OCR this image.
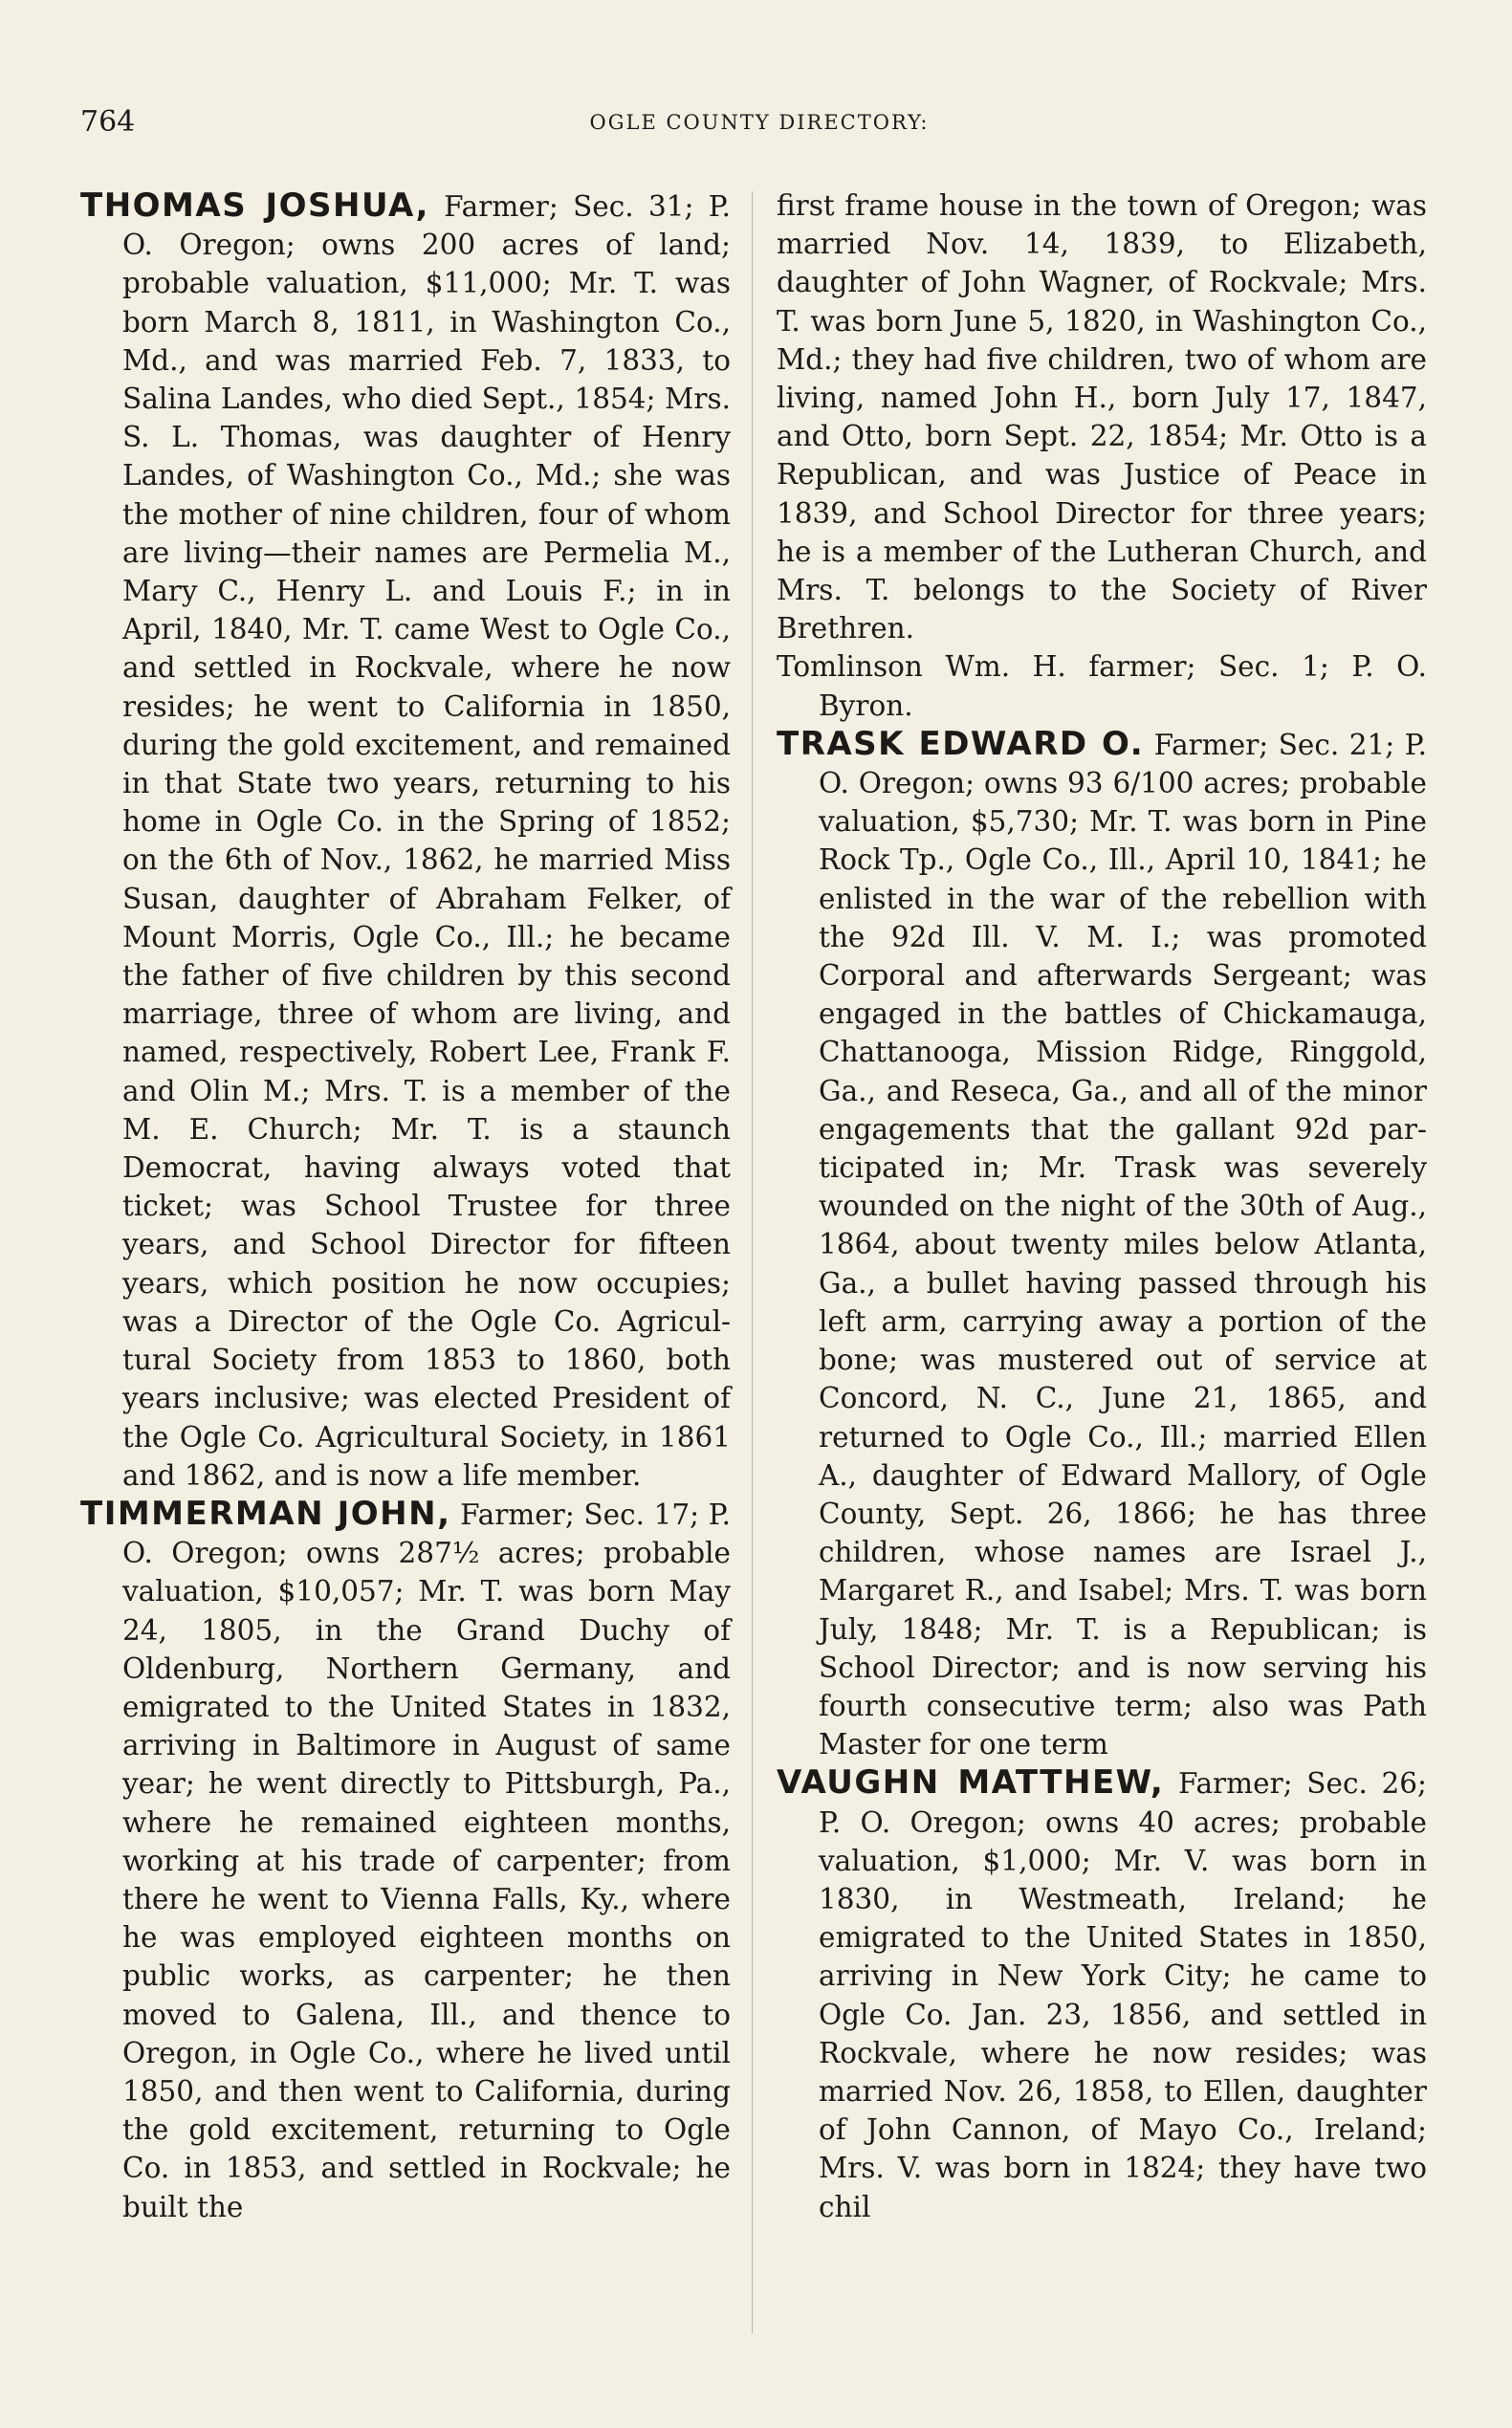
764	OGLE COUNTY DIRECTORY:

THOMAS JOSHUA, Farmer; Sec. 31; P. O. Oregon; owns 200 acres of land; probable valuation, $11,000; Mr. T. was born March 8, 1811, in Washington Co., Md., and was married Feb. 7, 1833, to Salina Landes, who died Sept., 1854; Mrs. S. L. Thomas, was daughter of Henry Landes, of Washington Co., Md.; she was the mother of nine children, four of whom are living—their names are Permelia M., Mary C., Henry L. and Louis F.; in in April, 1840, Mr. T. came West to Ogle Co., and settled in Rockvale, where he now resides; he went to California in 1850, during the gold excitement, and remained in that State two years, returning to his home in Ogle Co. in the Spring of 1852; on the 6th of Nov., 1862, he married Miss Susan, daughter of Abraham Felker, of Mount Morris, Ogle Co., Ill.; he became the father of five children by this second marriage, three of whom are living, and named, respectively, Robert Lee, Frank F. and Olin M.; Mrs. T. is a member of the M. E. Church; Mr. T. is a staunch Democrat, having always voted that ticket; was School Trustee for three years, and School Director for fifteen years, which position he now occupies; was a Director of the Ogle Co. Agricultural Society from 1853 to 1860, both years inclusive; was elected President of the Ogle Co. Agricultural Society, in 1861 and 1862, and is now a life member.

TIMMERMAN JOHN, Farmer; Sec. 17; P. O. Oregon; owns 287½ acres; probable valuation, $10,057; Mr. T. was born May 24, 1805, in the Grand Duchy of Oldenburg, Northern Germany, and emigrated to the United States in 1832, arriving in Baltimore in August of same year; he went directly to Pittsburgh, Pa., where he remained eighteen months, working at his trade of carpenter; from there he went to Vienna Falls, Ky., where he was employed eighteen months on public works, as carpenter; he then moved to Galena, Ill., and thence to Oregon, in Ogle Co., where he lived until 1850, and then went to California, during the gold excitement, returning to Ogle Co. in 1853, and settled in Rockvale; he built the

first frame house in the town of Oregon; was married Nov. 14, 1839, to Elizabeth, daughter of John Wagner, of Rockvale; Mrs. T. was born June 5, 1820, in Washington Co., Md.; they had five children, two of whom are living, named John H., born July 17, 1847, and Otto, born Sept. 22, 1854; Mr. Otto is a Republican, and was Justice of Peace in 1839, and School Director for three years; he is a member of the Lutheran Church, and Mrs. T. belongs to the Society of River Brethren.

Tomlinson Wm. H. farmer; Sec. 1; P. O. Byron.

TRASK EDWARD O. Farmer; Sec. 21; P. O. Oregon; owns 93 6/100 acres; probable valuation, $5,730; Mr. T. was born in Pine Rock Tp., Ogle Co., Ill., April 10, 1841; he enlisted in the war of the rebellion with the 92d Ill. V. M. I.; was promoted Corporal and afterwards Sergeant; was engaged in the battles of Chickamauga, Chattanooga, Mission Ridge, Ringgold, Ga., and Reseca, Ga., and all of the minor engagements that the gallant 92d participated in; Mr. Trask was severely wounded on the night of the 30th of Aug., 1864, about twenty miles below Atlanta, Ga., a bullet having passed through his left arm, carrying away a portion of the bone; was mustered out of service at Concord, N. C., June 21, 1865, and returned to Ogle Co., Ill.; married Ellen A., daughter of Edward Mallory, of Ogle County, Sept. 26, 1866; he has three children, whose names are Israel J., Margaret R., and Isabel; Mrs. T. was born July, 1848; Mr. T. is a Republican; is School Director; and is now serving his fourth consecutive term; also was Path Master for one term

VAUGHN MATTHEW, Farmer; Sec. 26; P. O. Oregon; owns 40 acres; probable valuation, $1,000; Mr. V. was born in 1830, in Westmeath, Ireland; he emigrated to the United States in 1850, arriving in New York City; he came to Ogle Co. Jan. 23, 1856, and settled in Rockvale, where he now resides; was married Nov. 26, 1858, to Ellen, daughter of John Cannon, of Mayo Co., Ireland; Mrs. V. was born in 1824; they have two chil
